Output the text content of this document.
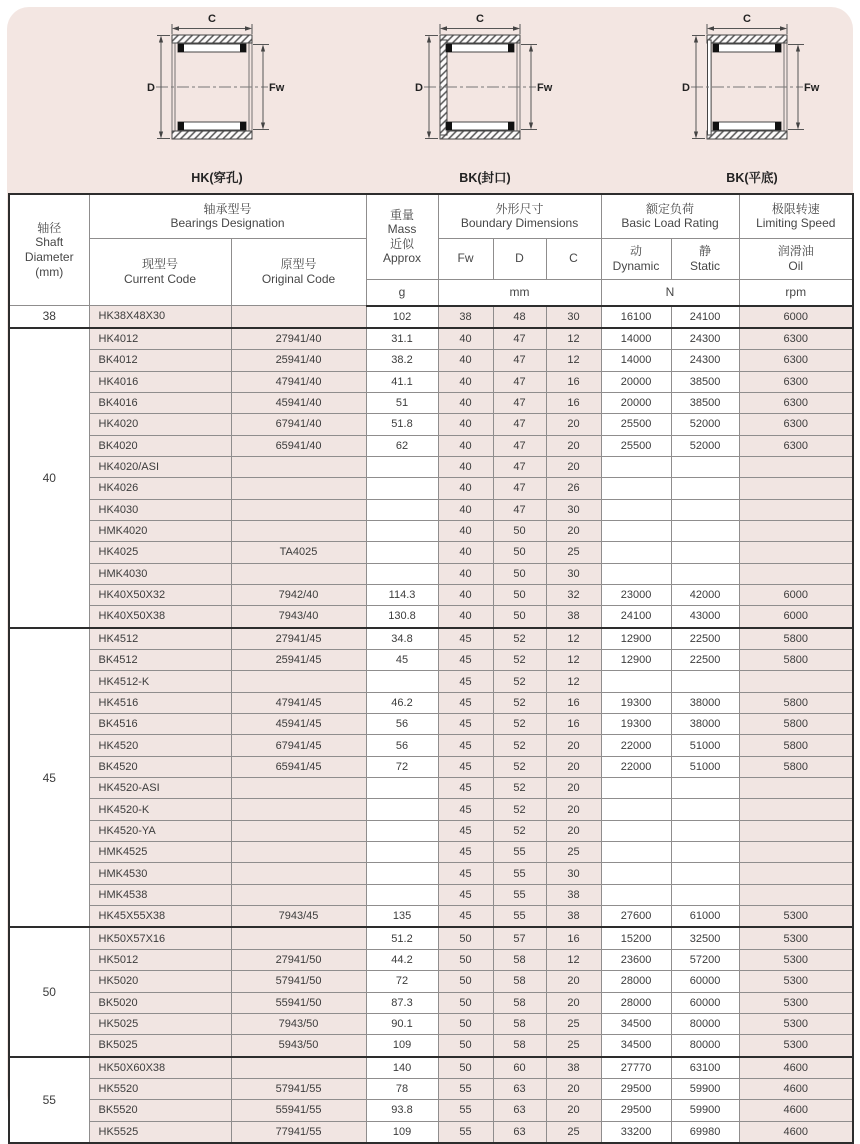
C
D	Fw
HK(穿孔)
C
D	Fw
BK(封口)
C
D	Fw
BK(平底)
轴径
Shaft
Diameter
(mm)	轴承型号
Bearings Designation		重量
Mass
近似
Approx	外形尺寸
Boundary Dimensions			额定负荷
Basic Load Rating		极限转速
Limiting Speed
	现型号
Current Code	原型号
Original Code		Fw	D	C	动
Dynamic	静
Static	润滑油
Oil
			g	mm			N		rpm
38	HK38X48X30		102	38	48	30	16100	24100	6000
40	HK4012	27941/40	31.1	40	47	12	14000	24300	6300
	BK4012	25941/40	38.2	40	47	12	14000	24300	6300
	HK4016	47941/40	41.1	40	47	16	20000	38500	6300
	BK4016	45941/40	51	40	47	16	20000	38500	6300
	HK4020	67941/40	51.8	40	47	20	25500	52000	6300
	BK4020	65941/40	62	40	47	20	25500	52000	6300
	HK4020/ASI			40	47	20			
	HK4026			40	47	26			
	HK4030			40	47	30			
	HMK4020			40	50	20			
	HK4025	TA4025		40	50	25			
	HMK4030			40	50	30			
	HK40X50X32	7942/40	114.3	40	50	32	23000	42000	6000
	HK40X50X38	7943/40	130.8	40	50	38	24100	43000	6000
45	HK4512	27941/45	34.8	45	52	12	12900	22500	5800
	BK4512	25941/45	45	45	52	12	12900	22500	5800
	HK4512-K			45	52	12			
	HK4516	47941/45	46.2	45	52	16	19300	38000	5800
	BK4516	45941/45	56	45	52	16	19300	38000	5800
	HK4520	67941/45	56	45	52	20	22000	51000	5800
	BK4520	65941/45	72	45	52	20	22000	51000	5800
	HK4520-ASI			45	52	20			
	HK4520-K			45	52	20			
	HK4520-YA			45	52	20			
	HMK4525			45	55	25			
	HMK4530			45	55	30			
	HMK4538			45	55	38			
	HK45X55X38	7943/45	135	45	55	38	27600	61000	5300
50	HK50X57X16		51.2	50	57	16	15200	32500	5300
	HK5012	27941/50	44.2	50	58	12	23600	57200	5300
	HK5020	57941/50	72	50	58	20	28000	60000	5300
	BK5020	55941/50	87.3	50	58	20	28000	60000	5300
	HK5025	7943/50	90.1	50	58	25	34500	80000	5300
	BK5025	5943/50	109	50	58	25	34500	80000	5300
55	HK50X60X38		140	50	60	38	27770	63100	4600
	HK5520	57941/55	78	55	63	20	29500	59900	4600
	BK5520	55941/55	93.8	55	63	20	29500	59900	4600
	HK5525	77941/55	109	55	63	25	33200	69980	4600
